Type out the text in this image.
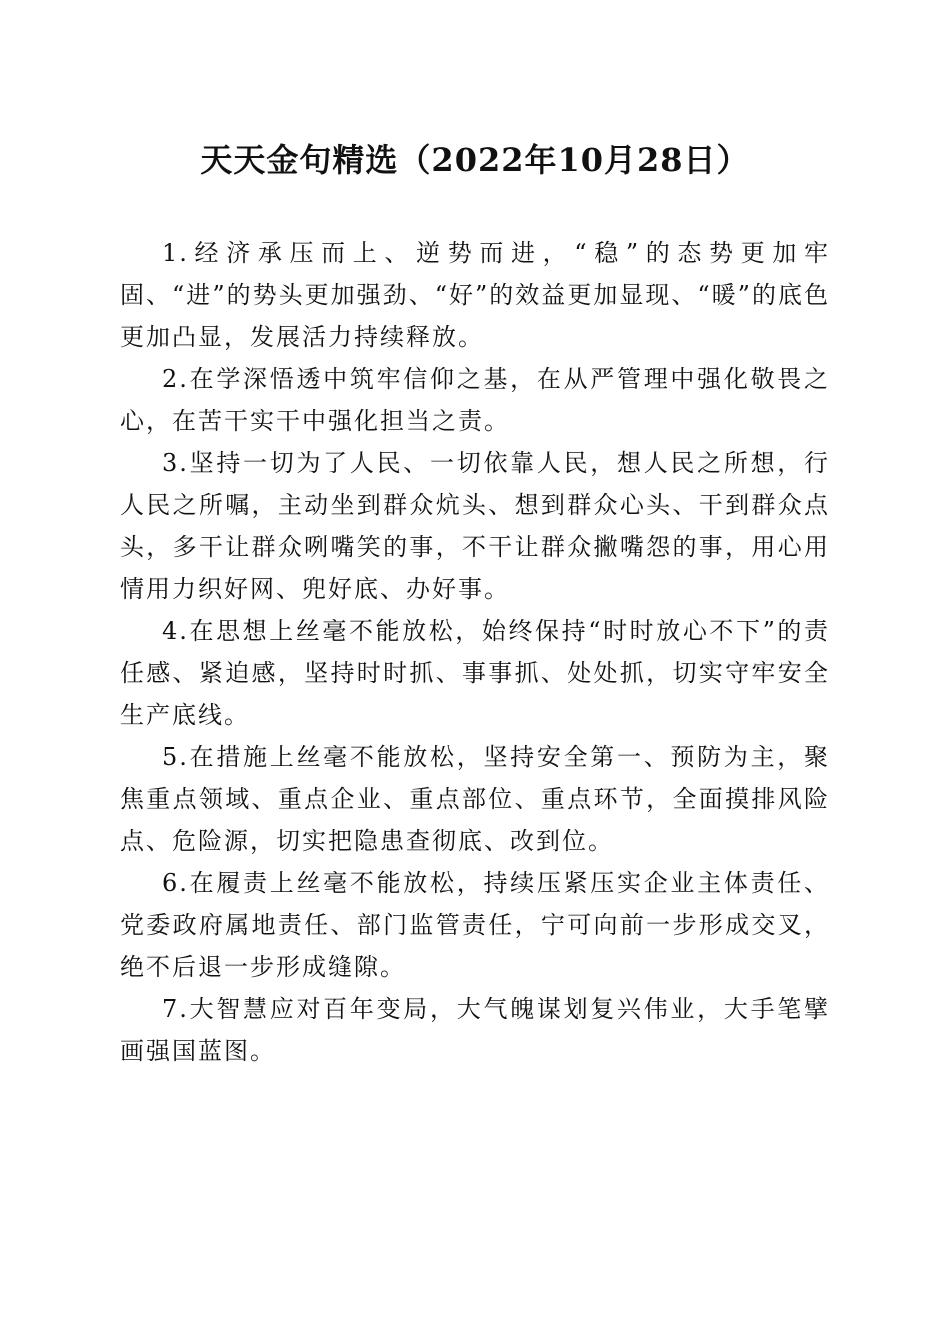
天天金句精选（2022年10月28日）

1.经济承压而上、逆势而进，“稳”的态势更加牢固、“进”的势头更加强劲、“好”的效益更加显现、“暖”的底色更加凸显，发展活力持续释放。

2.在学深悟透中筑牢信仰之基，在从严管理中强化敬畏之心，在苦干实干中强化担当之责。

3.坚持一切为了人民、一切依靠人民，想人民之所想，行人民之所嘱，主动坐到群众炕头、想到群众心头、干到群众点头，多干让群众咧嘴笑的事，不干让群众撇嘴怨的事，用心用情用力织好网、兜好底、办好事。

4.在思想上丝毫不能放松，始终保持“时时放心不下”的责任感、紧迫感，坚持时时抓、事事抓、处处抓，切实守牢安全生产底线。

5.在措施上丝毫不能放松，坚持安全第一、预防为主，聚焦重点领域、重点企业、重点部位、重点环节，全面摸排风险点、危险源，切实把隐患查彻底、改到位。

6.在履责上丝毫不能放松，持续压紧压实企业主体责任、党委政府属地责任、部门监管责任，宁可向前一步形成交叉，绝不后退一步形成缝隙。

7.大智慧应对百年变局，大气魄谋划复兴伟业，大手笔擘画强国蓝图。
